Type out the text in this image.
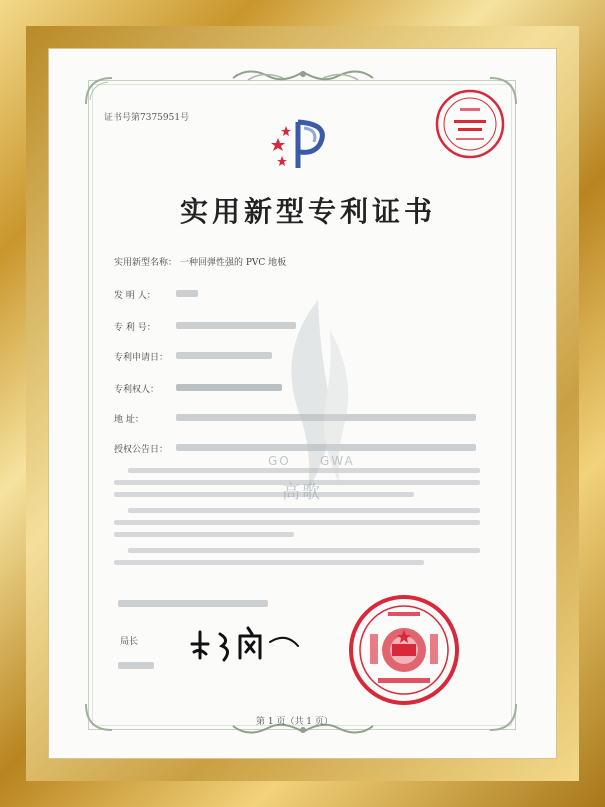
证书号第7375951号
实用新型专利证书
实用新型名称： 一种回弹性强的 PVC 地板
发 明 人：
专 利 号：
专利申请日：
专利权人：
地 址：
授权公告日：
GO GWA
高歌
局长
第 1 页（共 1 页）
